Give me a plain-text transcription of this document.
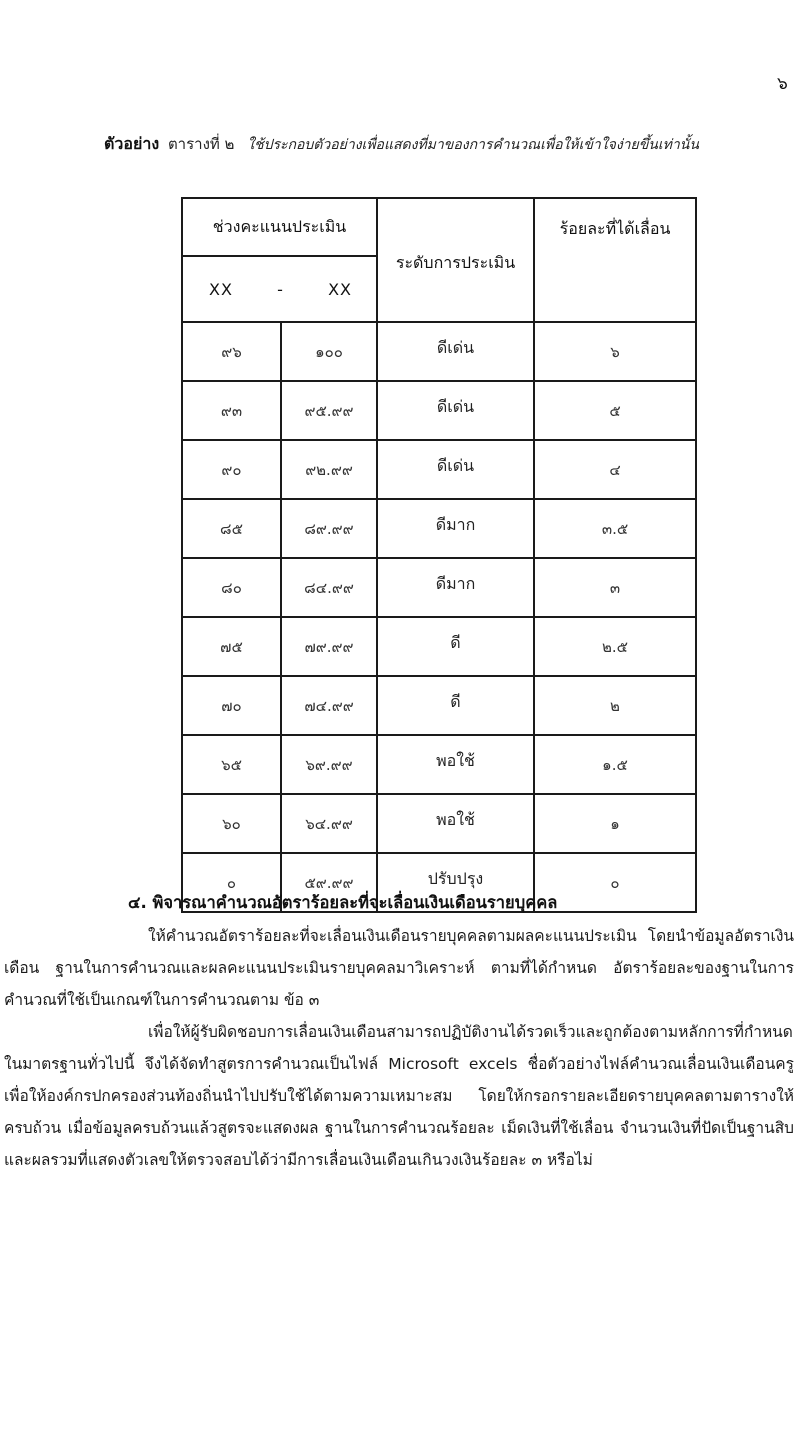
๖
ตัวอย่าง ตารางที่ ๒ ใช้ประกอบตัวอย่างเพื่อแสดงที่มาของการคำนวณเพื่อให้เข้าใจง่ายขึ้นเท่านั้น
ช่วงคะแนนประเมิน		ระดับการประเมิน	ร้อยละที่ได้เลื่อน

XX - XX			

๙๖	๑๐๐	ดีเด่น	๖
๙๓	๙๕.๙๙	ดีเด่น	๕
๙๐	๙๒.๙๙	ดีเด่น	๔
๘๕	๘๙.๙๙	ดีมาก	๓.๕
๘๐	๘๔.๙๙	ดีมาก	๓
๗๕	๗๙.๙๙	ดี	๒.๕
๗๐	๗๔.๙๙	ดี	๒
๖๕	๖๙.๙๙	พอใช้	๑.๕
๖๐	๖๔.๙๙	พอใช้	๑
๐	๕๙.๙๙	ปรับปรุง	๐
๔. พิจารณาคำนวณอัตราร้อยละที่จะเลื่อนเงินเดือนรายบุคคล
ให้คำนวณอัตราร้อยละที่จะเลื่อนเงินเดือนรายบุคคลตามผลคะแนนประเมิน โดยนำข้อมูลอัตราเงินเดือน ฐานในการคำนวณและผลคะแนนประเมินรายบุคคลมาวิเคราะห์ ตามที่ได้กำหนด อัตราร้อยละของฐานในการคำนวณที่ใช้เป็นเกณฑ์ในการคำนวณตาม ข้อ ๓
เพื่อให้ผู้รับผิดชอบการเลื่อนเงินเดือนสามารถปฏิบัติงานได้รวดเร็วและถูกต้องตามหลักการที่กำหนดในมาตรฐานทั่วไปนี้ จึงได้จัดทำสูตรการคำนวณเป็นไฟล์ Microsoft excels ชื่อตัวอย่างไฟล์คำนวณเลื่อนเงินเดือนครู เพื่อให้องค์กรปกครองส่วนท้องถิ่นนำไปปรับใช้ได้ตามความเหมาะสม โดยให้กรอกรายละเอียดรายบุคคลตามตารางให้ครบถ้วน เมื่อข้อมูลครบถ้วนแล้วสูตรจะแสดงผล ฐานในการคำนวณร้อยละ เม็ดเงินที่ใช้เลื่อน จำนวนเงินที่ปัดเป็นฐานสิบและผลรวมที่แสดงตัวเลขให้ตรวจสอบได้ว่ามีการเลื่อนเงินเดือนเกินวงเงินร้อยละ ๓ หรือไม่
